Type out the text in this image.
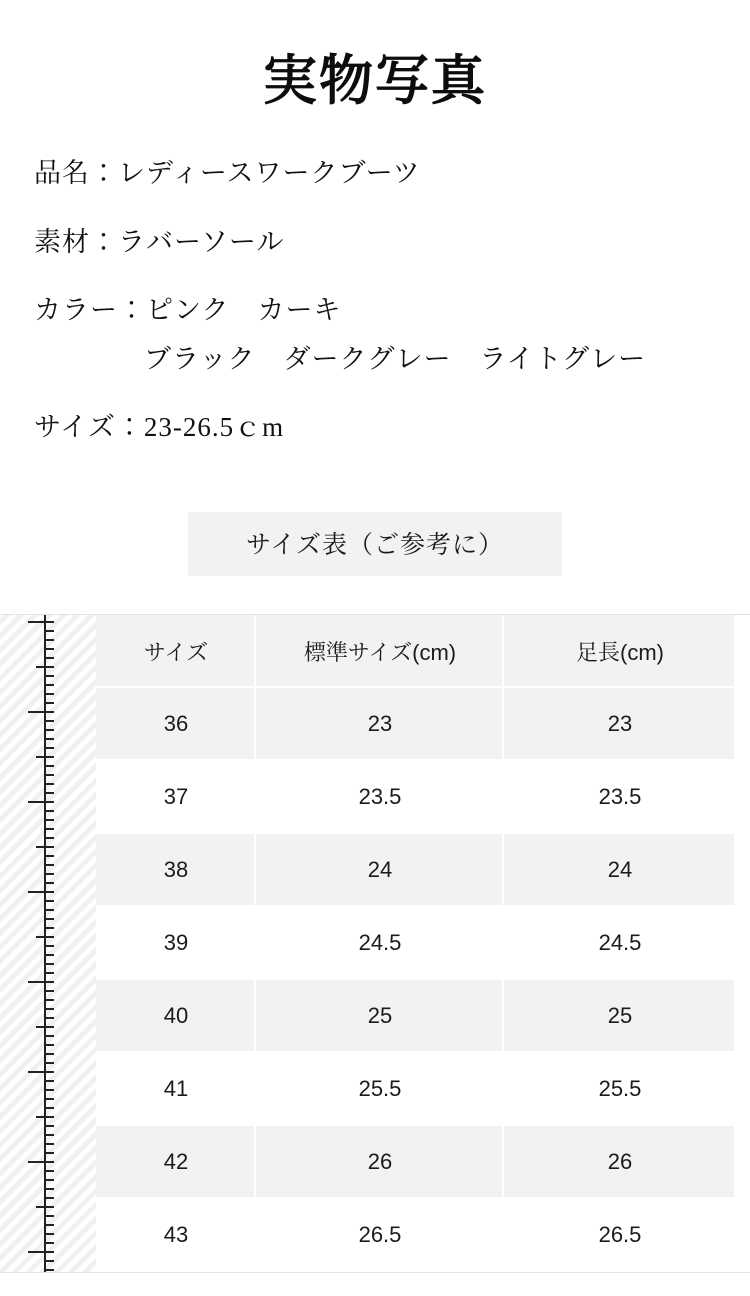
実物写真
品名：レディースワークブーツ
素材：ラバーソール
カラー：ピンク　カーキ
ブラック　ダークグレー　ライトグレー
サイズ：23-26.5ｃm
サイズ表（ご参考に）
サイズ	標準サイズ(cm)	足長(cm)
36	23	23
37	23.5	23.5
38	24	24
39	24.5	24.5
40	25	25
41	25.5	25.5
42	26	26
43	26.5	26.5
